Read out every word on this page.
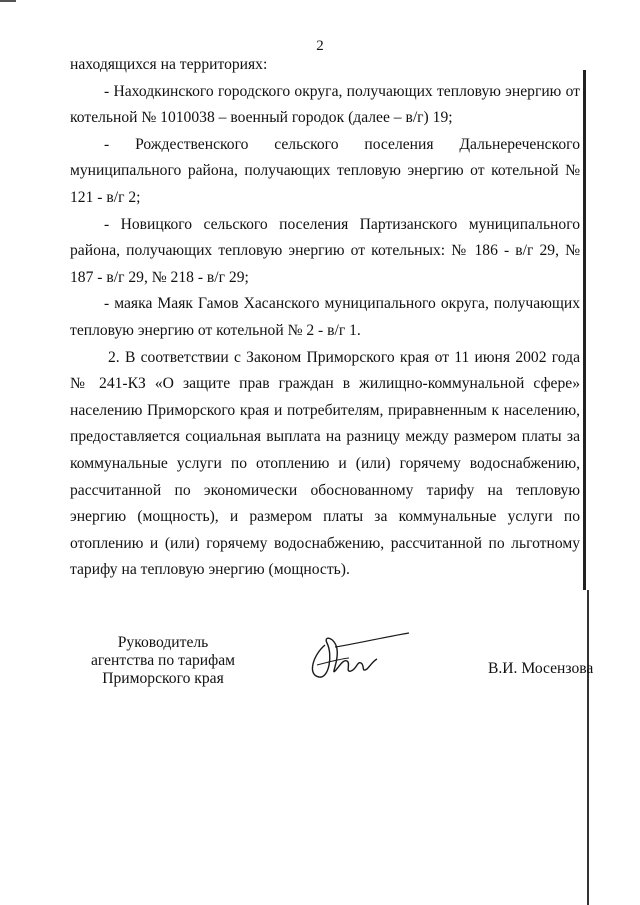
2

находящихся на территориях:

- Находкинского городского округа, получающих тепловую энергию от котельной № 1010038 – военный городок (далее – в/г) 19;

- Рождественского сельского поселения Дальнереченского муниципального района, получающих тепловую энергию от котельной № 121 - в/г 2;

- Новицкого сельского поселения Партизанского муниципального района, получающих тепловую энергию от котельных: № 186 - в/г 29, № 187 - в/г 29, № 218 - в/г 29;

- маяка Маяк Гамов Хасанского муниципального округа, получающих тепловую энергию от котельной № 2 - в/г 1.

2. В соответствии с Законом Приморского края от 11 июня 2002 года № 241-КЗ «О защите прав граждан в жилищно-коммунальной сфере» населению Приморского края и потребителям, приравненным к населению, предоставляется социальная выплата на разницу между размером платы за коммунальные услуги по отоплению и (или) горячему водоснабжению, рассчитанной по экономически обоснованному тарифу на тепловую энергию (мощность), и размером платы за коммунальные услуги по отоплению и (или) горячему водоснабжению, рассчитанной по льготному тарифу на тепловую энергию (мощность).

Руководитель
агентства по тарифам
Приморского края
В.И. Мосензова
